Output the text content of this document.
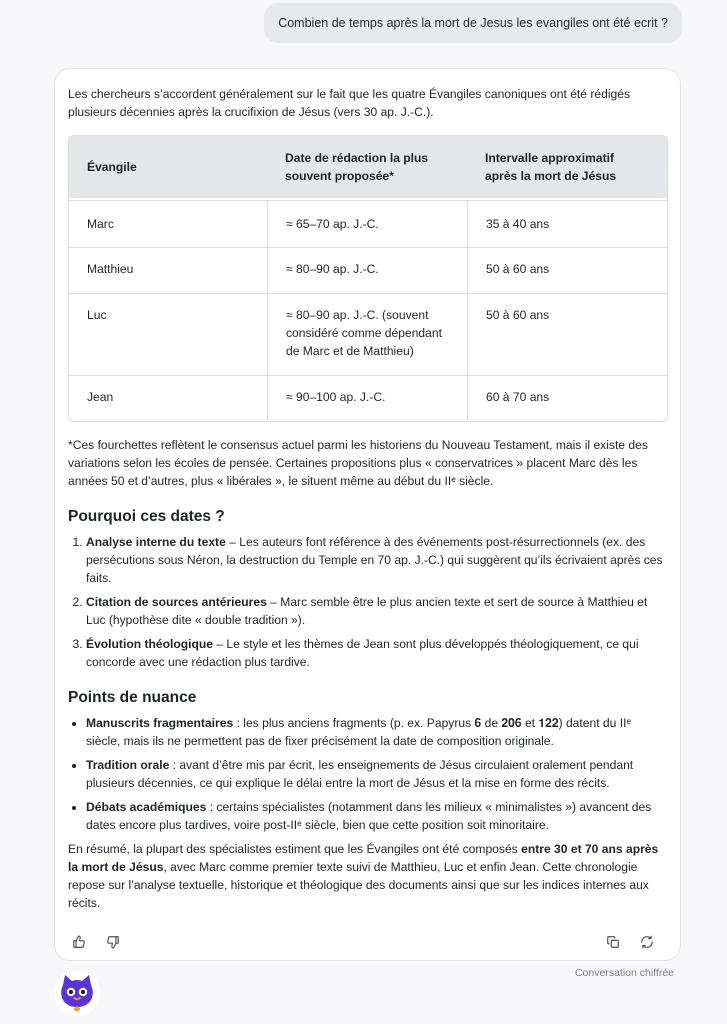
Combien de temps après la mort de Jesus les evangiles ont été ecrit ?

Les chercheurs s’accordent généralement sur le fait que les quatre Évangiles canoniques ont été rédigés plusieurs décennies après la crucifixion de Jésus (vers 30 ap. J.-C.).

Évangile	Date de rédaction la plus souvent proposée*	Intervalle approximatif après la mort de Jésus
Marc	≈ 65–70 ap. J.-C.	35 à 40 ans
Matthieu	≈ 80–90 ap. J.-C.	50 à 60 ans
Luc	≈ 80–90 ap. J.-C. (souvent considéré comme dépendant de Marc et de Matthieu)	50 à 60 ans
Jean	≈ 90–100 ap. J.-C.	60 à 70 ans

*Ces fourchettes reflètent le consensus actuel parmi les historiens du Nouveau Testament, mais il existe des variations selon les écoles de pensée. Certaines propositions plus « conservatrices » placent Marc dès les années 50 et d’autres, plus « libérales », le situent même au début du IIᵉ siècle.

Pourquoi ces dates ?
1. Analyse interne du texte – Les auteurs font référence à des événements post-résurrectionnels (ex. des persécutions sous Néron, la destruction du Temple en 70 ap. J.-C.) qui suggèrent qu’ils écrivaient après ces faits.
2. Citation de sources antérieures – Marc semble être le plus ancien texte et sert de source à Matthieu et Luc (hypothèse dite « double tradition »).
3. Évolution théologique – Le style et les thèmes de Jean sont plus développés théologiquement, ce qui concorde avec une rédaction plus tardive.
Points de nuance
• Manuscrits fragmentaires : les plus anciens fragments (p. ex. Papyrus 𝟔 de 𝟐𝟎𝟔 et 𝟏𝟐𝟐) datent du IIᵉ siècle, mais ils ne permettent pas de fixer précisément la date de composition originale.
• Tradition orale : avant d’être mis par écrit, les enseignements de Jésus circulaient oralement pendant plusieurs décennies, ce qui explique le délai entre la mort de Jésus et la mise en forme des récits.
• Débats académiques : certains spécialistes (notamment dans les milieux « minimalistes ») avancent des dates encore plus tardives, voire post-IIᵉ siècle, bien que cette position soit minoritaire.

En résumé, la plupart des spécialistes estiment que les Évangiles ont été composés entre 30 et 70 ans après la mort de Jésus, avec Marc comme premier texte suivi de Matthieu, Luc et enfin Jean. Cette chronologie repose sur l’analyse textuelle, historique et théologique des documents ainsi que sur les indices internes aux récits.

Conversation chiffrée
